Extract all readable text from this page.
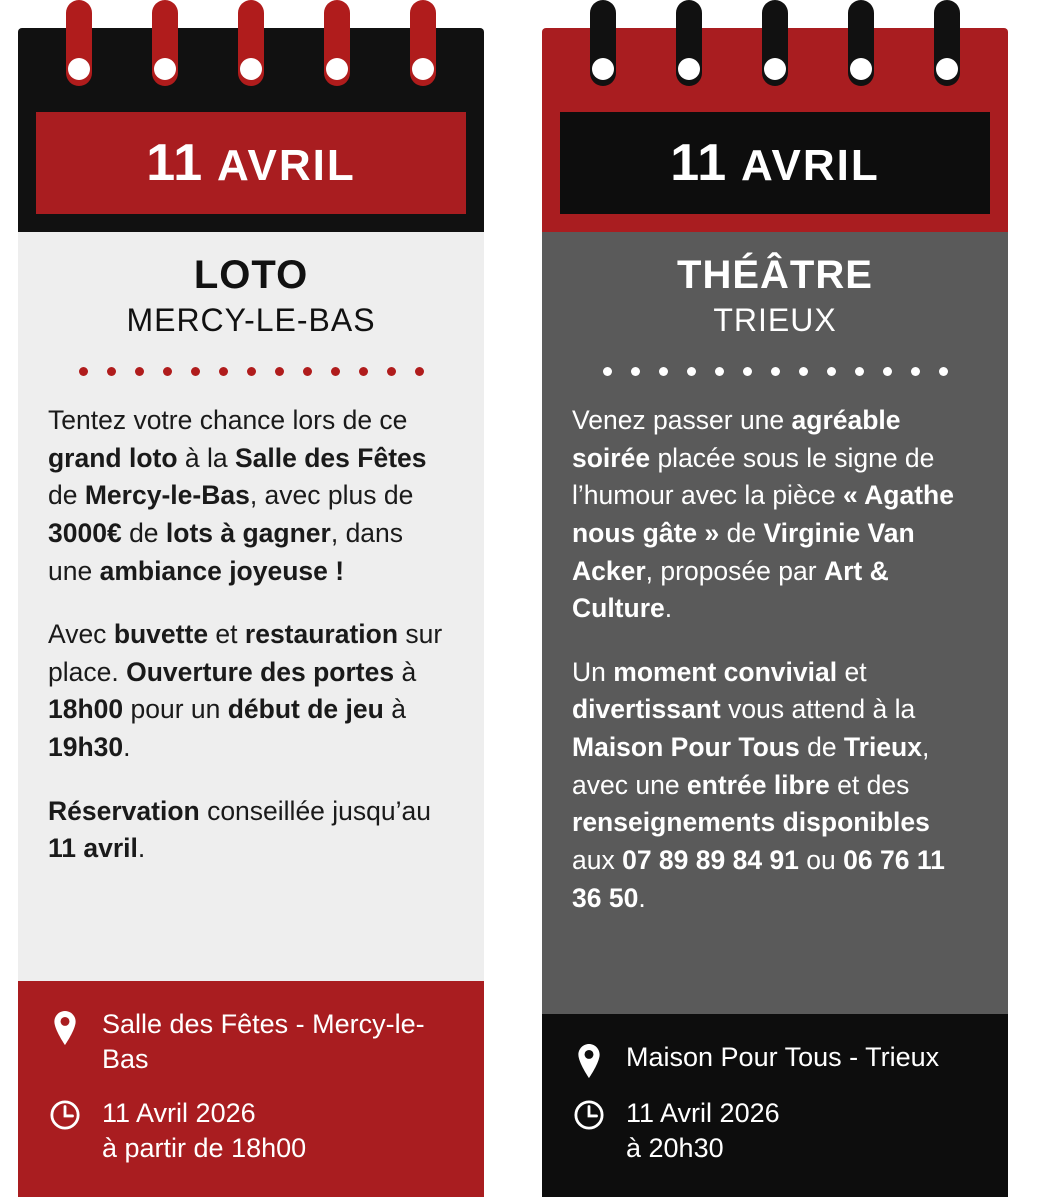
11 AVRIL
LOTO
MERCY-LE-BAS

Tentez votre chance lors de ce grand loto à la Salle des Fêtes de Mercy-le-Bas, avec plus de 3000€ de lots à gagner, dans une ambiance joyeuse !

Avec buvette et restauration sur place. Ouverture des portes à 18h00 pour un début de jeu à 19h30.

Réservation conseillée jusqu’au 11 avril.

Salle des Fêtes - Mercy-le-Bas
11 Avril 2026
à partir de 18h00
11 AVRIL
THÉÂTRE
TRIEUX

Venez passer une agréable soirée placée sous le signe de l’humour avec la pièce « Agathe nous gâte » de Virginie Van Acker, proposée par Art & Culture.

Un moment convivial et divertissant vous attend à la Maison Pour Tous de Trieux, avec une entrée libre et des renseignements disponibles aux 07 89 89 84 91 ou 06 76 11 36 50.

Maison Pour Tous - Trieux
11 Avril 2026
à 20h30
